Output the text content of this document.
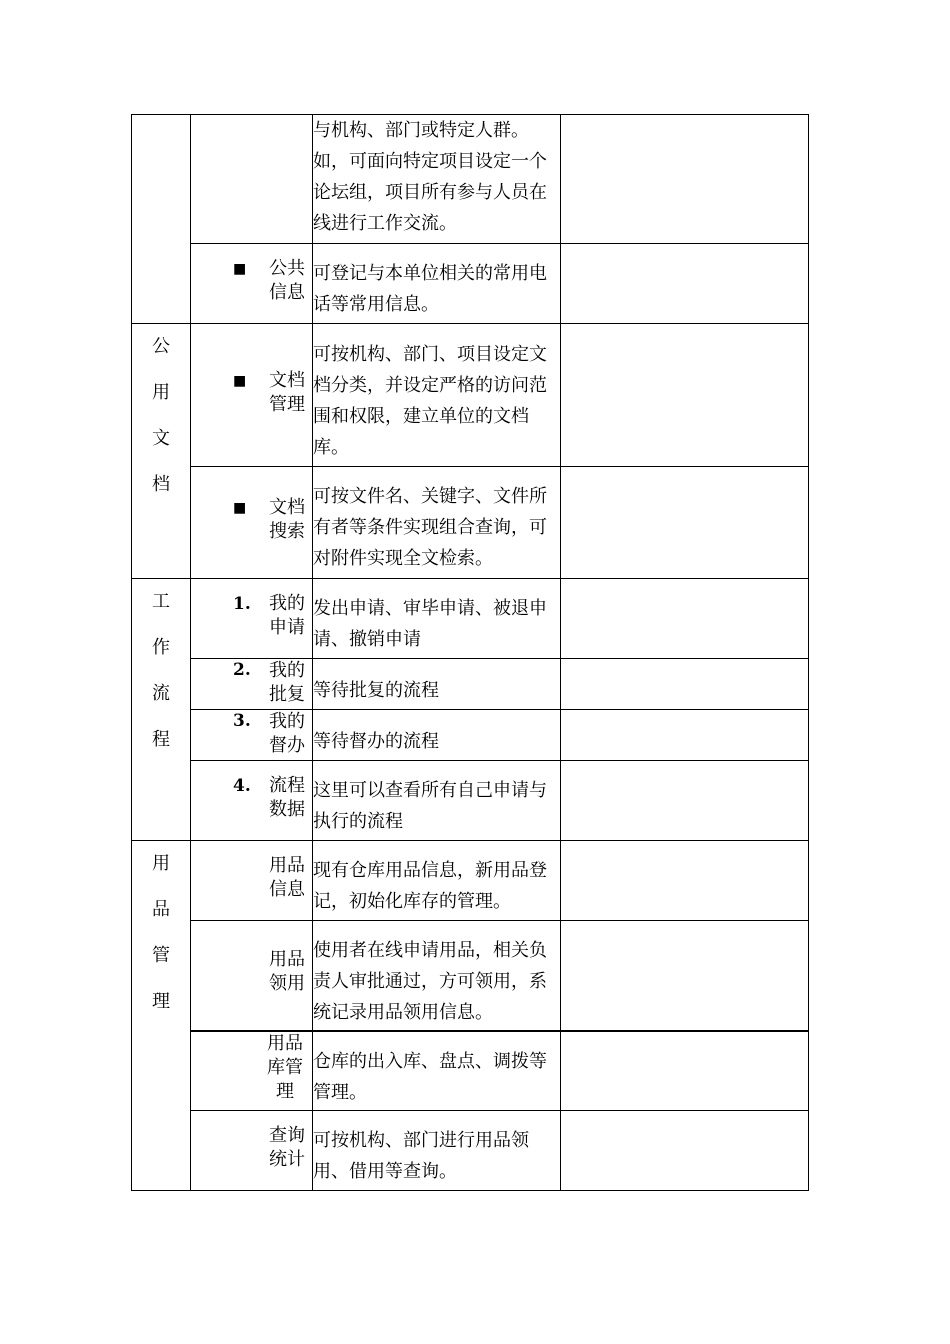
		与机构、部门或特定人群。如，可面向特定项目设定一个论坛组，项目所有参与人员在线进行工作交流。	

	■ 公共信息	可登记与本单位相关的常用电话等常用信息。	
公用文档	■ 文档管理	可按机构、部门、项目设定文档分类，并设定严格的访问范围和权限，建立单位的文档库。	

	■ 文档搜索	可按文件名、关键字、文件所有者等条件实现组合查询，可对附件实现全文检索。	
工作流程	1. 我的申请	发出申请、审毕申请、被退申请、撤销申请	

	2. 我的批复	等待批复的流程	

	3. 我的督办	等待督办的流程	

	4. 流程数据	这里可以查看所有自己申请与执行的流程	
用品管理	用品信息	现有仓库用品信息，新用品登记，初始化库存的管理。	

	用品领用	使用者在线申请用品，相关负责人审批通过，方可领用，系统记录用品领用信息。	

	用品库管理	仓库的出入库、盘点、调拨等管理。	

	查询统计	可按机构、部门进行用品领用、借用等查询。	
